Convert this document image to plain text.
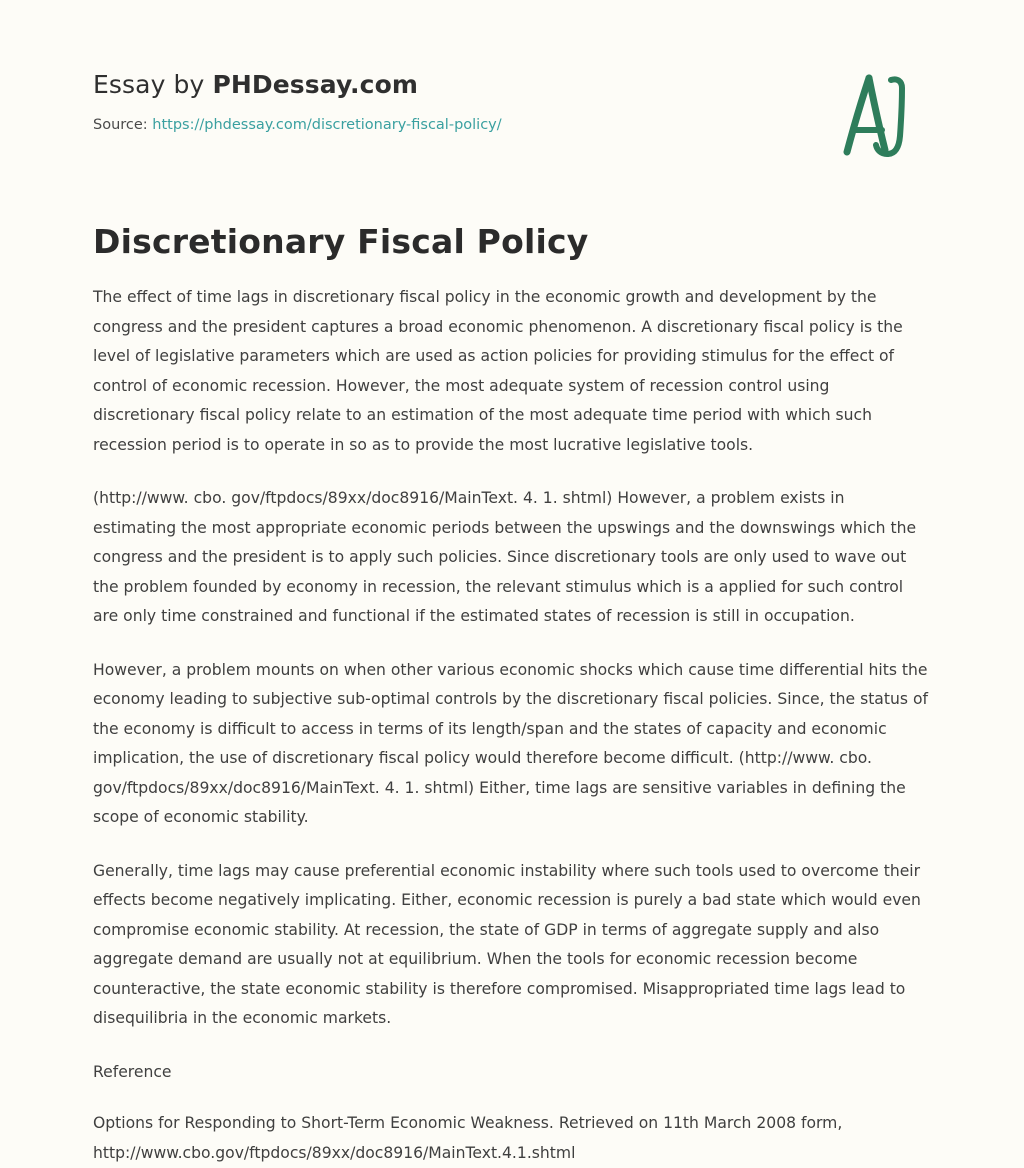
Essay by PHDessay.com
Source: https://phdessay.com/discretionary-fiscal-policy/
Discretionary Fiscal Policy

The effect of time lags in discretionary fiscal policy in the economic growth and development by the congress and the president captures a broad economic phenomenon. A discretionary fiscal policy is the level of legislative parameters which are used as action policies for providing stimulus for the effect of control of economic recession. However, the most adequate system of recession control using discretionary fiscal policy relate to an estimation of the most adequate time period with which such recession period is to operate in so as to provide the most lucrative legislative tools.

(http://www. cbo. gov/ftpdocs/89xx/doc8916/MainText. 4. 1. shtml) However, a problem exists in estimating the most appropriate economic periods between the upswings and the downswings which the congress and the president is to apply such policies. Since discretionary tools are only used to wave out the problem founded by economy in recession, the relevant stimulus which is a applied for such control are only time constrained and functional if the estimated states of recession is still in occupation.

However, a problem mounts on when other various economic shocks which cause time differential hits the economy leading to subjective sub-optimal controls by the discretionary fiscal policies. Since, the status of the economy is difficult to access in terms of its length/span and the states of capacity and economic implication, the use of discretionary fiscal policy would therefore become difficult. (http://www. cbo. gov/ftpdocs/89xx/doc8916/MainText. 4. 1. shtml) Either, time lags are sensitive variables in defining the scope of economic stability.

Generally, time lags may cause preferential economic instability where such tools used to overcome their effects become negatively implicating. Either, economic recession is purely a bad state which would even compromise economic stability. At recession, the state of GDP in terms of aggregate supply and also aggregate demand are usually not at equilibrium. When the tools for economic recession become counteractive, the state economic stability is therefore compromised. Misappropriated time lags lead to disequilibria in the economic markets.

Reference

Options for Responding to Short-Term Economic Weakness. Retrieved on 11th March 2008 form, http://www.cbo.gov/ftpdocs/89xx/doc8916/MainText.4.1.shtml
